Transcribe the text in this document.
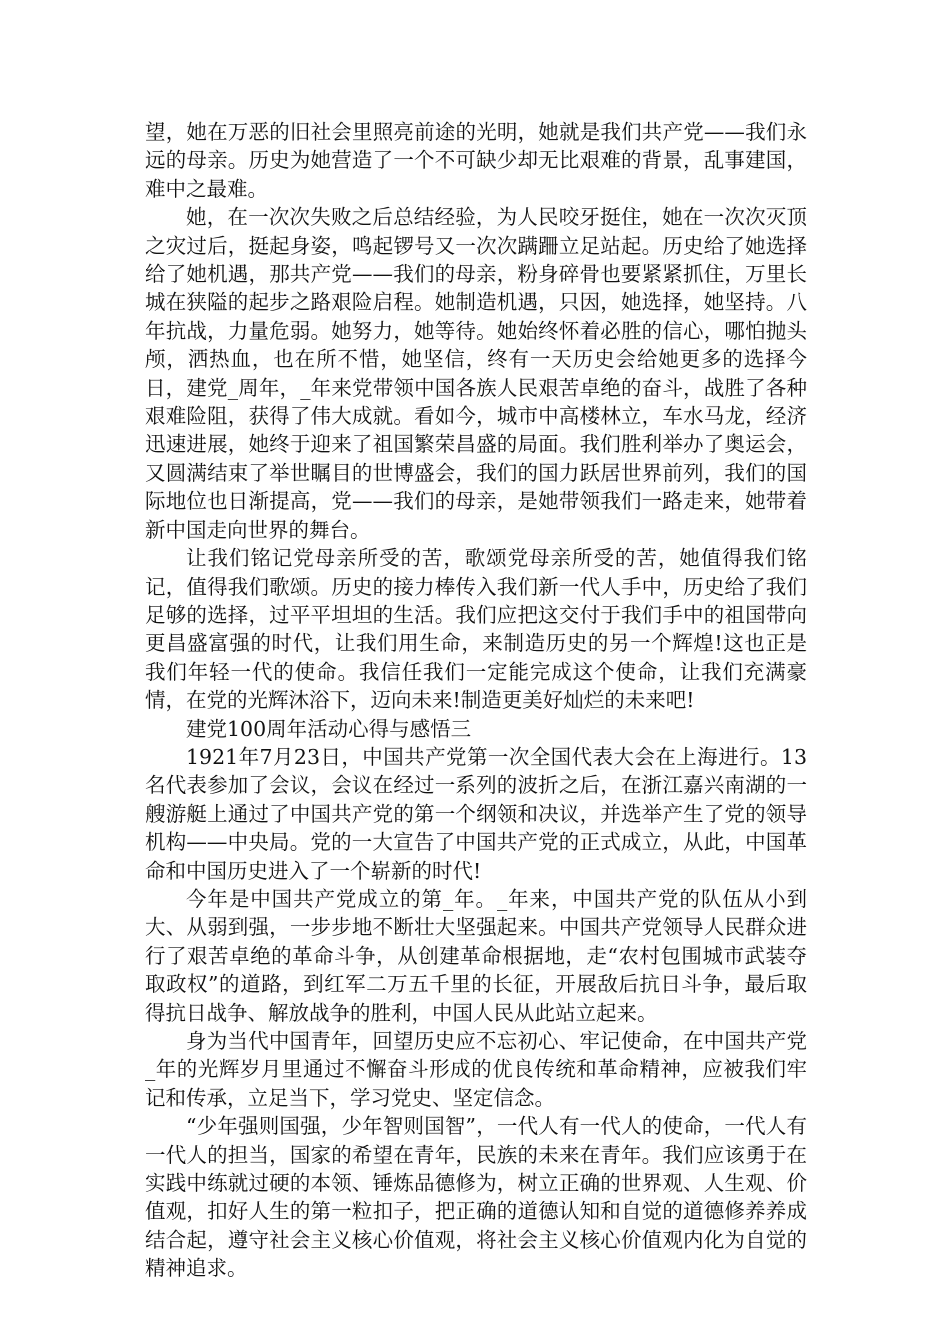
望，她在万恶的旧社会里照亮前途的光明，她就是我们共产党——我们永远的母亲。历史为她营造了一个不可缺少却无比艰难的背景，乱事建国，难中之最难。

她，在一次次失败之后总结经验，为人民咬牙挺住，她在一次次灭顶之灾过后，挺起身姿，鸣起锣号又一次次蹒跚立足站起。历史给了她选择给了她机遇，那共产党——我们的母亲，粉身碎骨也要紧紧抓住，万里长城在狭隘的起步之路艰险启程。她制造机遇，只因，她选择，她坚持。八年抗战，力量危弱。她努力，她等待。她始终怀着必胜的信心，哪怕抛头颅，洒热血，也在所不惜，她坚信，终有一天历史会给她更多的选择今日，建党_周年，_年来党带领中国各族人民艰苦卓绝的奋斗，战胜了各种艰难险阻，获得了伟大成就。看如今，城市中高楼林立，车水马龙，经济迅速进展，她终于迎来了祖国繁荣昌盛的局面。我们胜利举办了奥运会，又圆满结束了举世瞩目的世博盛会，我们的国力跃居世界前列，我们的国际地位也日渐提高，党——我们的母亲，是她带领我们一路走来，她带着新中国走向世界的舞台。

让我们铭记党母亲所受的苦，歌颂党母亲所受的苦，她值得我们铭记，值得我们歌颂。历史的接力棒传入我们新一代人手中，历史给了我们足够的选择，过平平坦坦的生活。我们应把这交付于我们手中的祖国带向更昌盛富强的时代，让我们用生命，来制造历史的另一个辉煌!这也正是我们年轻一代的使命。我信任我们一定能完成这个使命，让我们充满豪情，在党的光辉沐浴下，迈向未来!制造更美好灿烂的未来吧!

建党100周年活动心得与感悟三

1921年7月23日，中国共产党第一次全国代表大会在上海进行。13名代表参加了会议，会议在经过一系列的波折之后，在浙江嘉兴南湖的一艘游艇上通过了中国共产党的第一个纲领和决议，并选举产生了党的领导机构——中央局。党的一大宣告了中国共产党的正式成立，从此，中国革命和中国历史进入了一个崭新的时代!

今年是中国共产党成立的第_年。_年来，中国共产党的队伍从小到大、从弱到强，一步步地不断壮大坚强起来。中国共产党领导人民群众进行了艰苦卓绝的革命斗争，从创建革命根据地，走“农村包围城市武装夺取政权”的道路，到红军二万五千里的长征，开展敌后抗日斗争，最后取得抗日战争、解放战争的胜利，中国人民从此站立起来。

身为当代中国青年，回望历史应不忘初心、牢记使命，在中国共产党_年的光辉岁月里通过不懈奋斗形成的优良传统和革命精神，应被我们牢记和传承，立足当下，学习党史、坚定信念。

“少年强则国强，少年智则国智”，一代人有一代人的使命，一代人有一代人的担当，国家的希望在青年，民族的未来在青年。我们应该勇于在实践中练就过硬的本领、锤炼品德修为，树立正确的世界观、人生观、价值观，扣好人生的第一粒扣子，把正确的道德认知和自觉的道德修养养成结合起，遵守社会主义核心价值观，将社会主义核心价值观内化为自觉的精神追求。
